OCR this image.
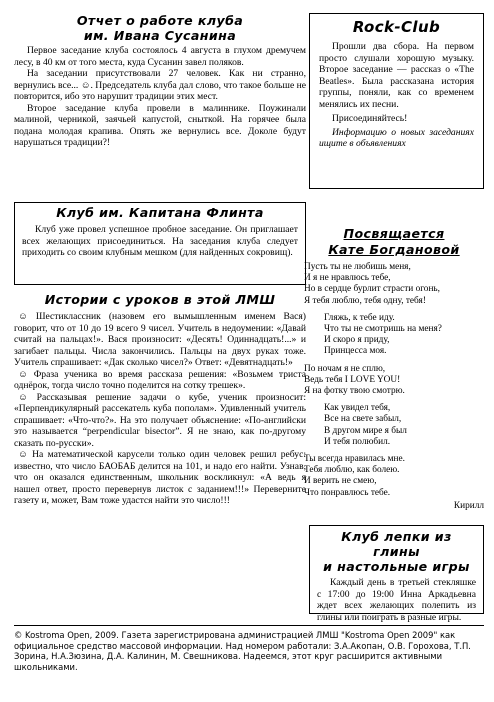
Отчет о работе клуба
им. Ивана Сусанина

Первое заседание клуба состоялось 4 августа в глухом дремучем лесу, в 40 км от того места, куда Сусанин завел поляков.

На заседании присутствовали 27 человек. Как ни странно, вернулись все... ☺. Председатель клуба дал слово, что такое больше не повторится, ибо это нарушит традиции этих мест.

Второе заседание клуба провели в малиннике. Поужинали малиной, черникой, заячьей капустой, сныткой. На горячее была подана молодая крапива. Опять же вернулись все. Доколе будут нарушаться традиции?!

Rock-Club

Прошли два сбора. На первом просто слушали хорошую музыку. Второе заседание — рассказ о «The Beatles». Была рассказана история группы, поняли, как со временем менялись их песни.

Присоединяйтесь!

Информацию о новых заседаниях ищите в объявлениях

Клуб им. Капитана Флинта

Клуб уже провел успешное пробное заседание. Он приглашает всех желающих присоединиться. На заседания клуба следует приходить со своим клубным мешком (для найденных сокровищ).

Истории с уроков в этой ЛМШ

☺ Шестиклассник (назовем его вымышленным именем Вася) говорит, что от 10 до 19 всего 9 чисел. Учитель в недоумении: «Давай считай на пальцах!». Вася произносит: «Десять! Одиннадцать!...» и загибает пальцы. Числа закончились. Пальцы на двух руках тоже. Учитель спрашивает: «Дак сколько чисел?» Ответ: «Девятнадцать!»

☺ Фраза ученика во время рассказа решения: «Возьмем триста однёрок, тогда число точно поделится на сотку трешек».

☺ Рассказывая решение задачи о кубе, ученик произносит: «Перпендикулярный рассекатель куба пополам». Удивленный учитель спрашивает: «Что-что?». На это получает объяснение: «По-английски это называется “perpendicular bisector”. Я не знаю, как по-другому сказать по-русски».

☺ На математической карусели только один человек решил ребус: известно, что число БАОБАБ делится на 101, и надо его найти. Узнав, что он оказался единственным, школьник воскликнул: «А ведь я нашел ответ, просто перевернув листок с заданием!!!» Переверните газету и, может, Вам тоже удастся найти это число!!!

Посвящается
Кате Богдановой
Пусть ты не любишь меня,
И я не нравлюсь тебе,
Но в сердце бурлит страсти огонь,
Я тебя люблю, тебя одну, тебя!
Гляжь, к тебе иду.
Что ты не смотришь на меня?
И скоро я приду,
Принцесса моя.
По ночам я не сплю,
Ведь тебя I LOVE YOU!
Я на фотку твою смотрю.
Как увидел тебя,
Все на свете забыл,
В другом мире я был
И тебя полюбил.
Ты всегда нравилась мне.
Тебя люблю, как болею.
И верить не смею,
Что понравлюсь тебе.
Кирилл
Клуб лепки из глины
и настольные игры

Каждый день в третьей стекляшке с 17:00 до 19:00 Инна Аркадьевна ждет всех желающих полепить из глины или поиграть в разные игры.

© Kostroma Open, 2009. Газета зарегистрирована администрацией ЛМШ "Kostroma Open 2009" как официальное средство массовой информации. Над номером работали: З.А.Акопан, О.В. Горохова, Т.П. Зорина, Н.А.Зюзина, Д.А. Калинин, М. Свешникова. Надеемся, этот круг расширится активными школьниками.
